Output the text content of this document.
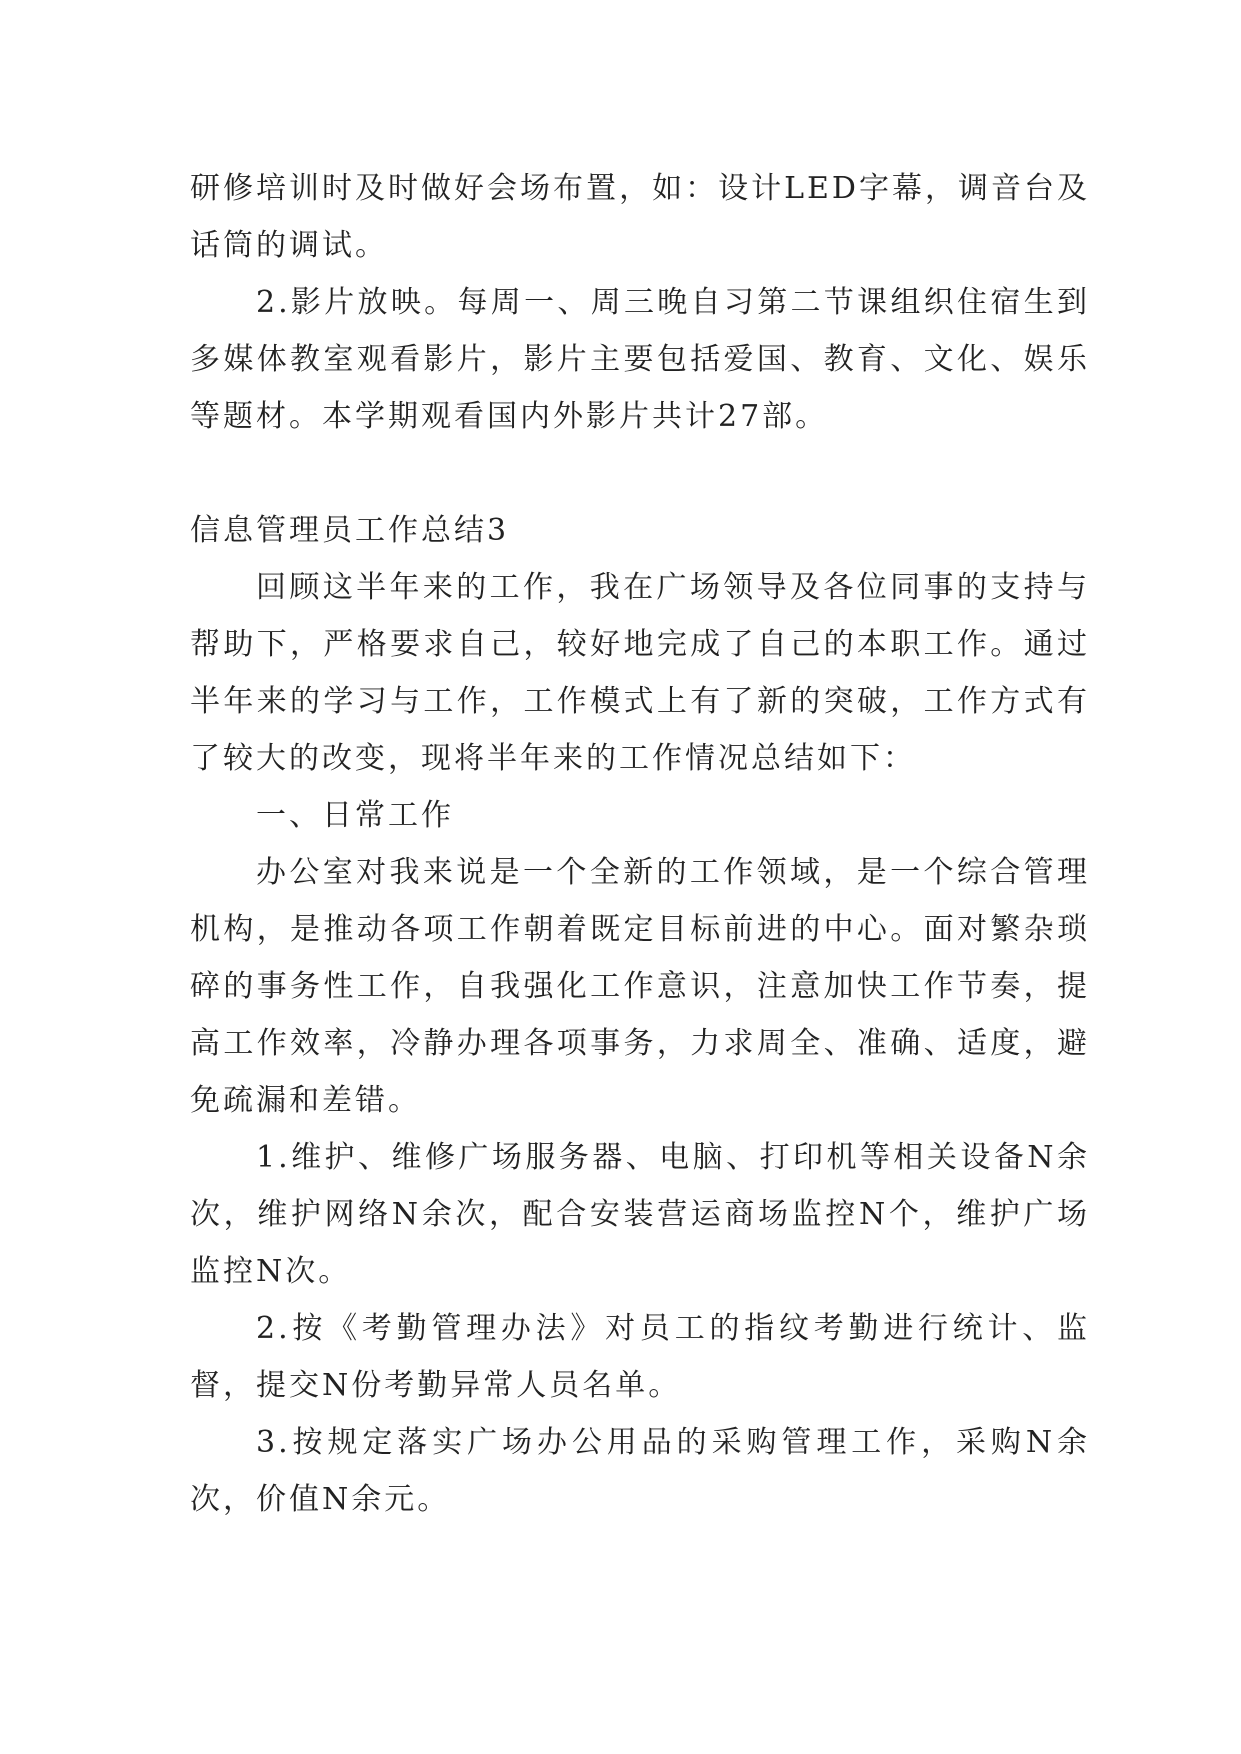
研修培训时及时做好会场布置，如：设计LED字幕，调音台及话筒的调试。

2.影片放映。每周一、周三晚自习第二节课组织住宿生到多媒体教室观看影片，影片主要包括爱国、教育、文化、娱乐等题材。本学期观看国内外影片共计27部。

信息管理员工作总结3

回顾这半年来的工作，我在广场领导及各位同事的支持与帮助下，严格要求自己，较好地完成了自己的本职工作。通过半年来的学习与工作，工作模式上有了新的突破，工作方式有了较大的改变，现将半年来的工作情况总结如下：

一、日常工作

办公室对我来说是一个全新的工作领域，是一个综合管理机构，是推动各项工作朝着既定目标前进的中心。面对繁杂琐碎的事务性工作，自我强化工作意识，注意加快工作节奏，提高工作效率，冷静办理各项事务，力求周全、准确、适度，避免疏漏和差错。

1.维护、维修广场服务器、电脑、打印机等相关设备N余次，维护网络N余次，配合安装营运商场监控N个，维护广场监控N次。

2.按《考勤管理办法》对员工的指纹考勤进行统计、监督，提交N份考勤异常人员名单。

3.按规定落实广场办公用品的采购管理工作，采购N余次，价值N余元。
